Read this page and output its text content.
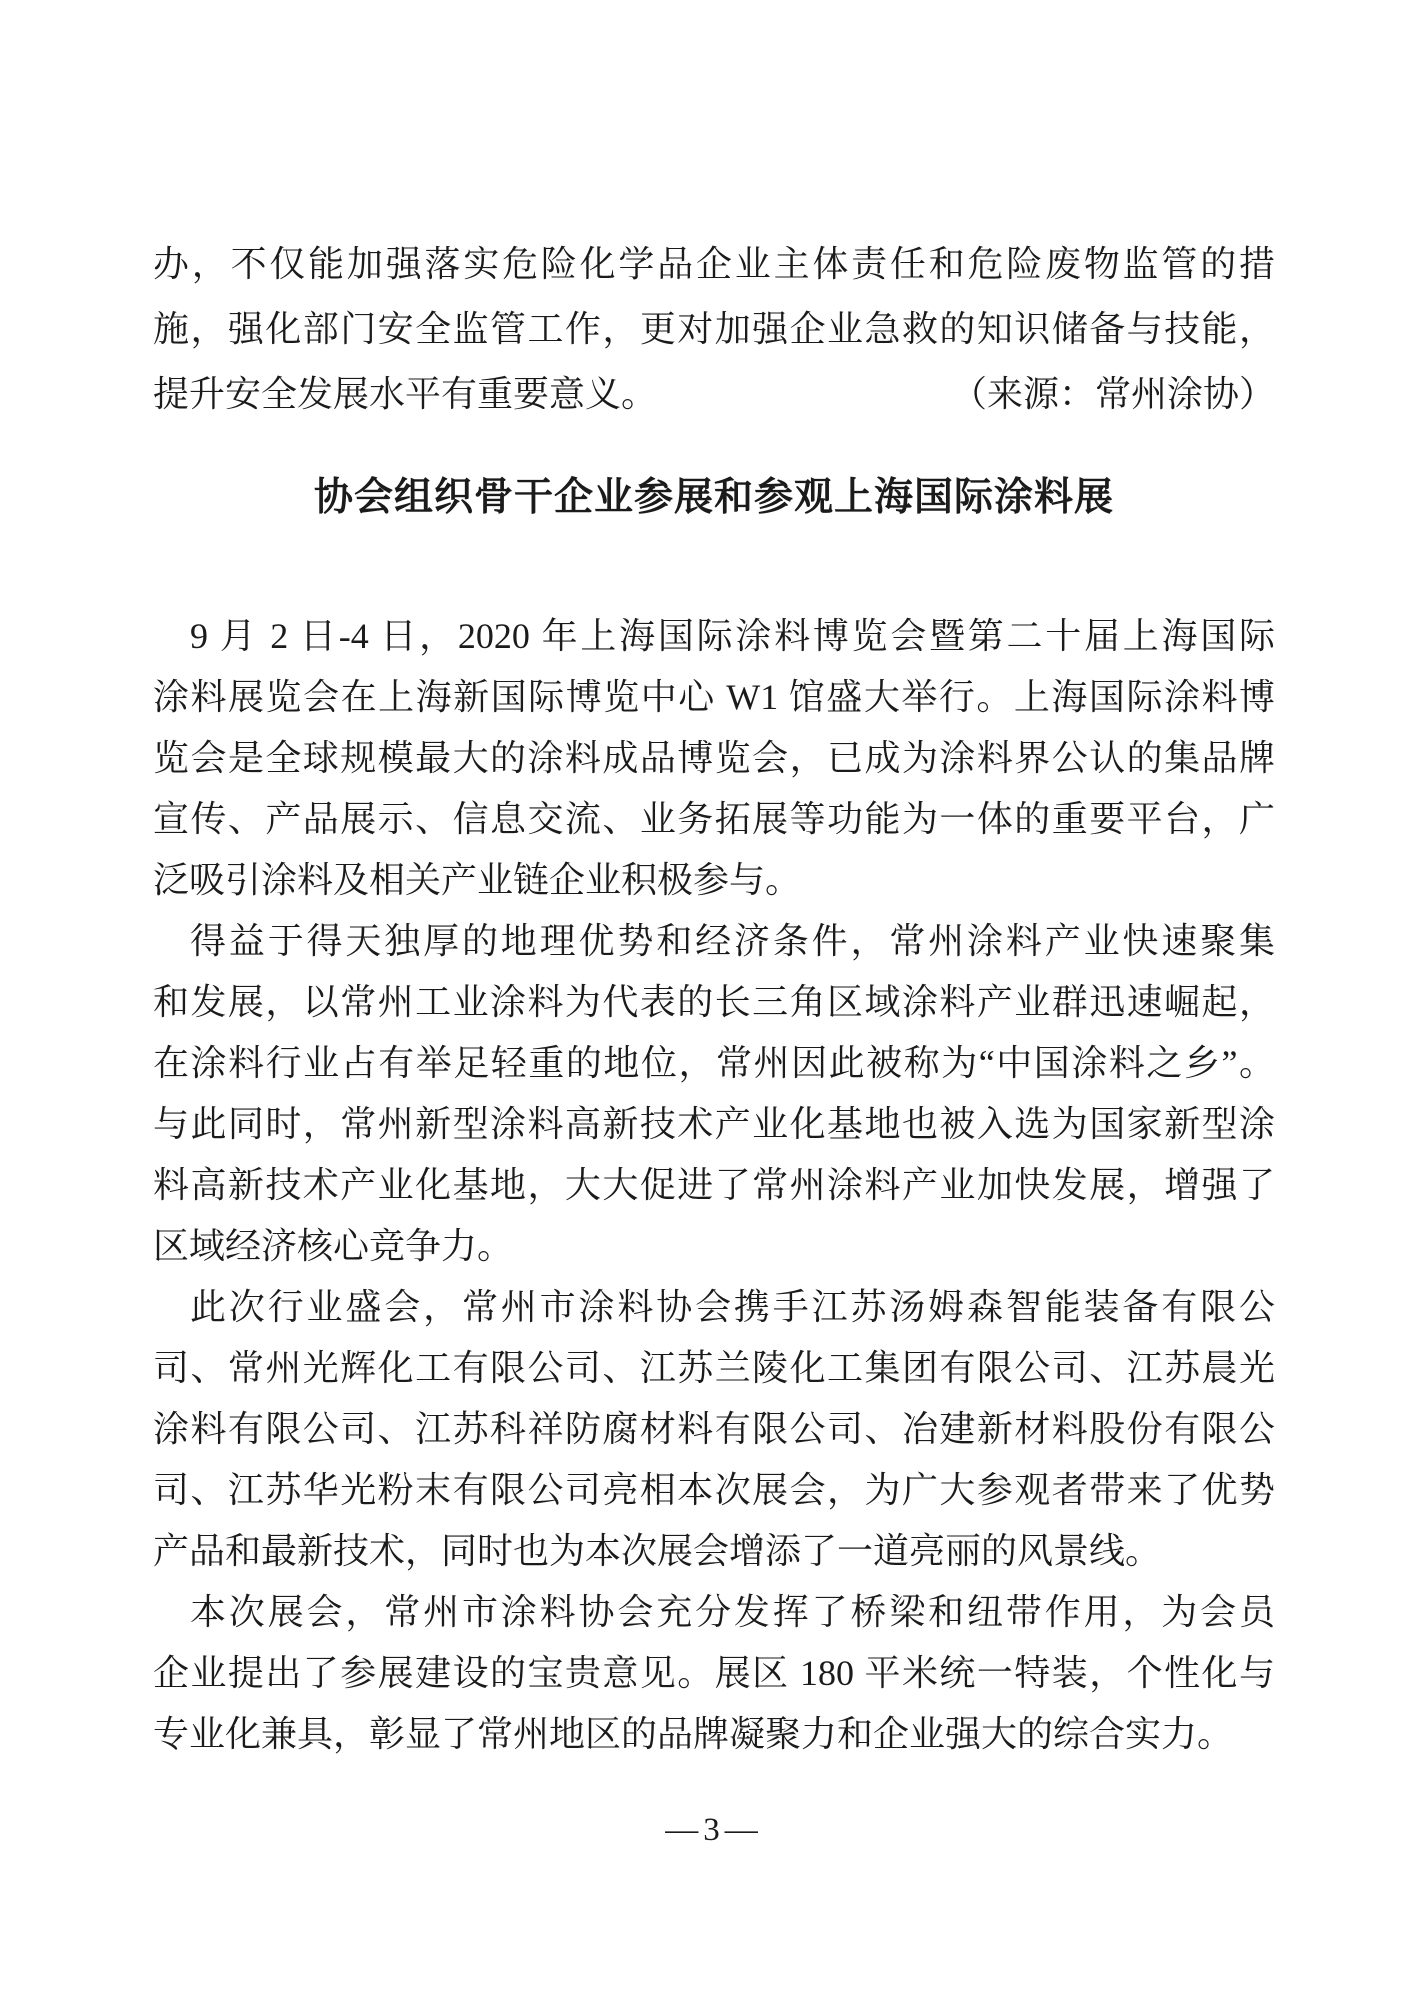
办，不仅能加强落实危险化学品企业主体责任和危险废物监管的措
施，强化部门安全监管工作，更对加强企业急救的知识储备与技能，
提升安全发展水平有重要意义。	（来源：常州涂协）
协会组织骨干企业参展和参观上海国际涂料展
9 月 2 日-4 日，2020 年上海国际涂料博览会暨第二十届上海国际
涂料展览会在上海新国际博览中心 W1 馆盛大举行。上海国际涂料博
览会是全球规模最大的涂料成品博览会，已成为涂料界公认的集品牌
宣传、产品展示、信息交流、业务拓展等功能为一体的重要平台，广
泛吸引涂料及相关产业链企业积极参与。
得益于得天独厚的地理优势和经济条件，常州涂料产业快速聚集
和发展，以常州工业涂料为代表的长三角区域涂料产业群迅速崛起，
在涂料行业占有举足轻重的地位，常州因此被称为“中国涂料之乡”。
与此同时，常州新型涂料高新技术产业化基地也被入选为国家新型涂
料高新技术产业化基地，大大促进了常州涂料产业加快发展，增强了
区域经济核心竞争力。
此次行业盛会，常州市涂料协会携手江苏汤姆森智能装备有限公
司、常州光辉化工有限公司、江苏兰陵化工集团有限公司、江苏晨光
涂料有限公司、江苏科祥防腐材料有限公司、冶建新材料股份有限公
司、江苏华光粉末有限公司亮相本次展会，为广大参观者带来了优势
产品和最新技术，同时也为本次展会增添了一道亮丽的风景线。
本次展会，常州市涂料协会充分发挥了桥梁和纽带作用，为会员
企业提出了参展建设的宝贵意见。展区 180 平米统一特装，个性化与
专业化兼具，彰显了常州地区的品牌凝聚力和企业强大的综合实力。
—3—
